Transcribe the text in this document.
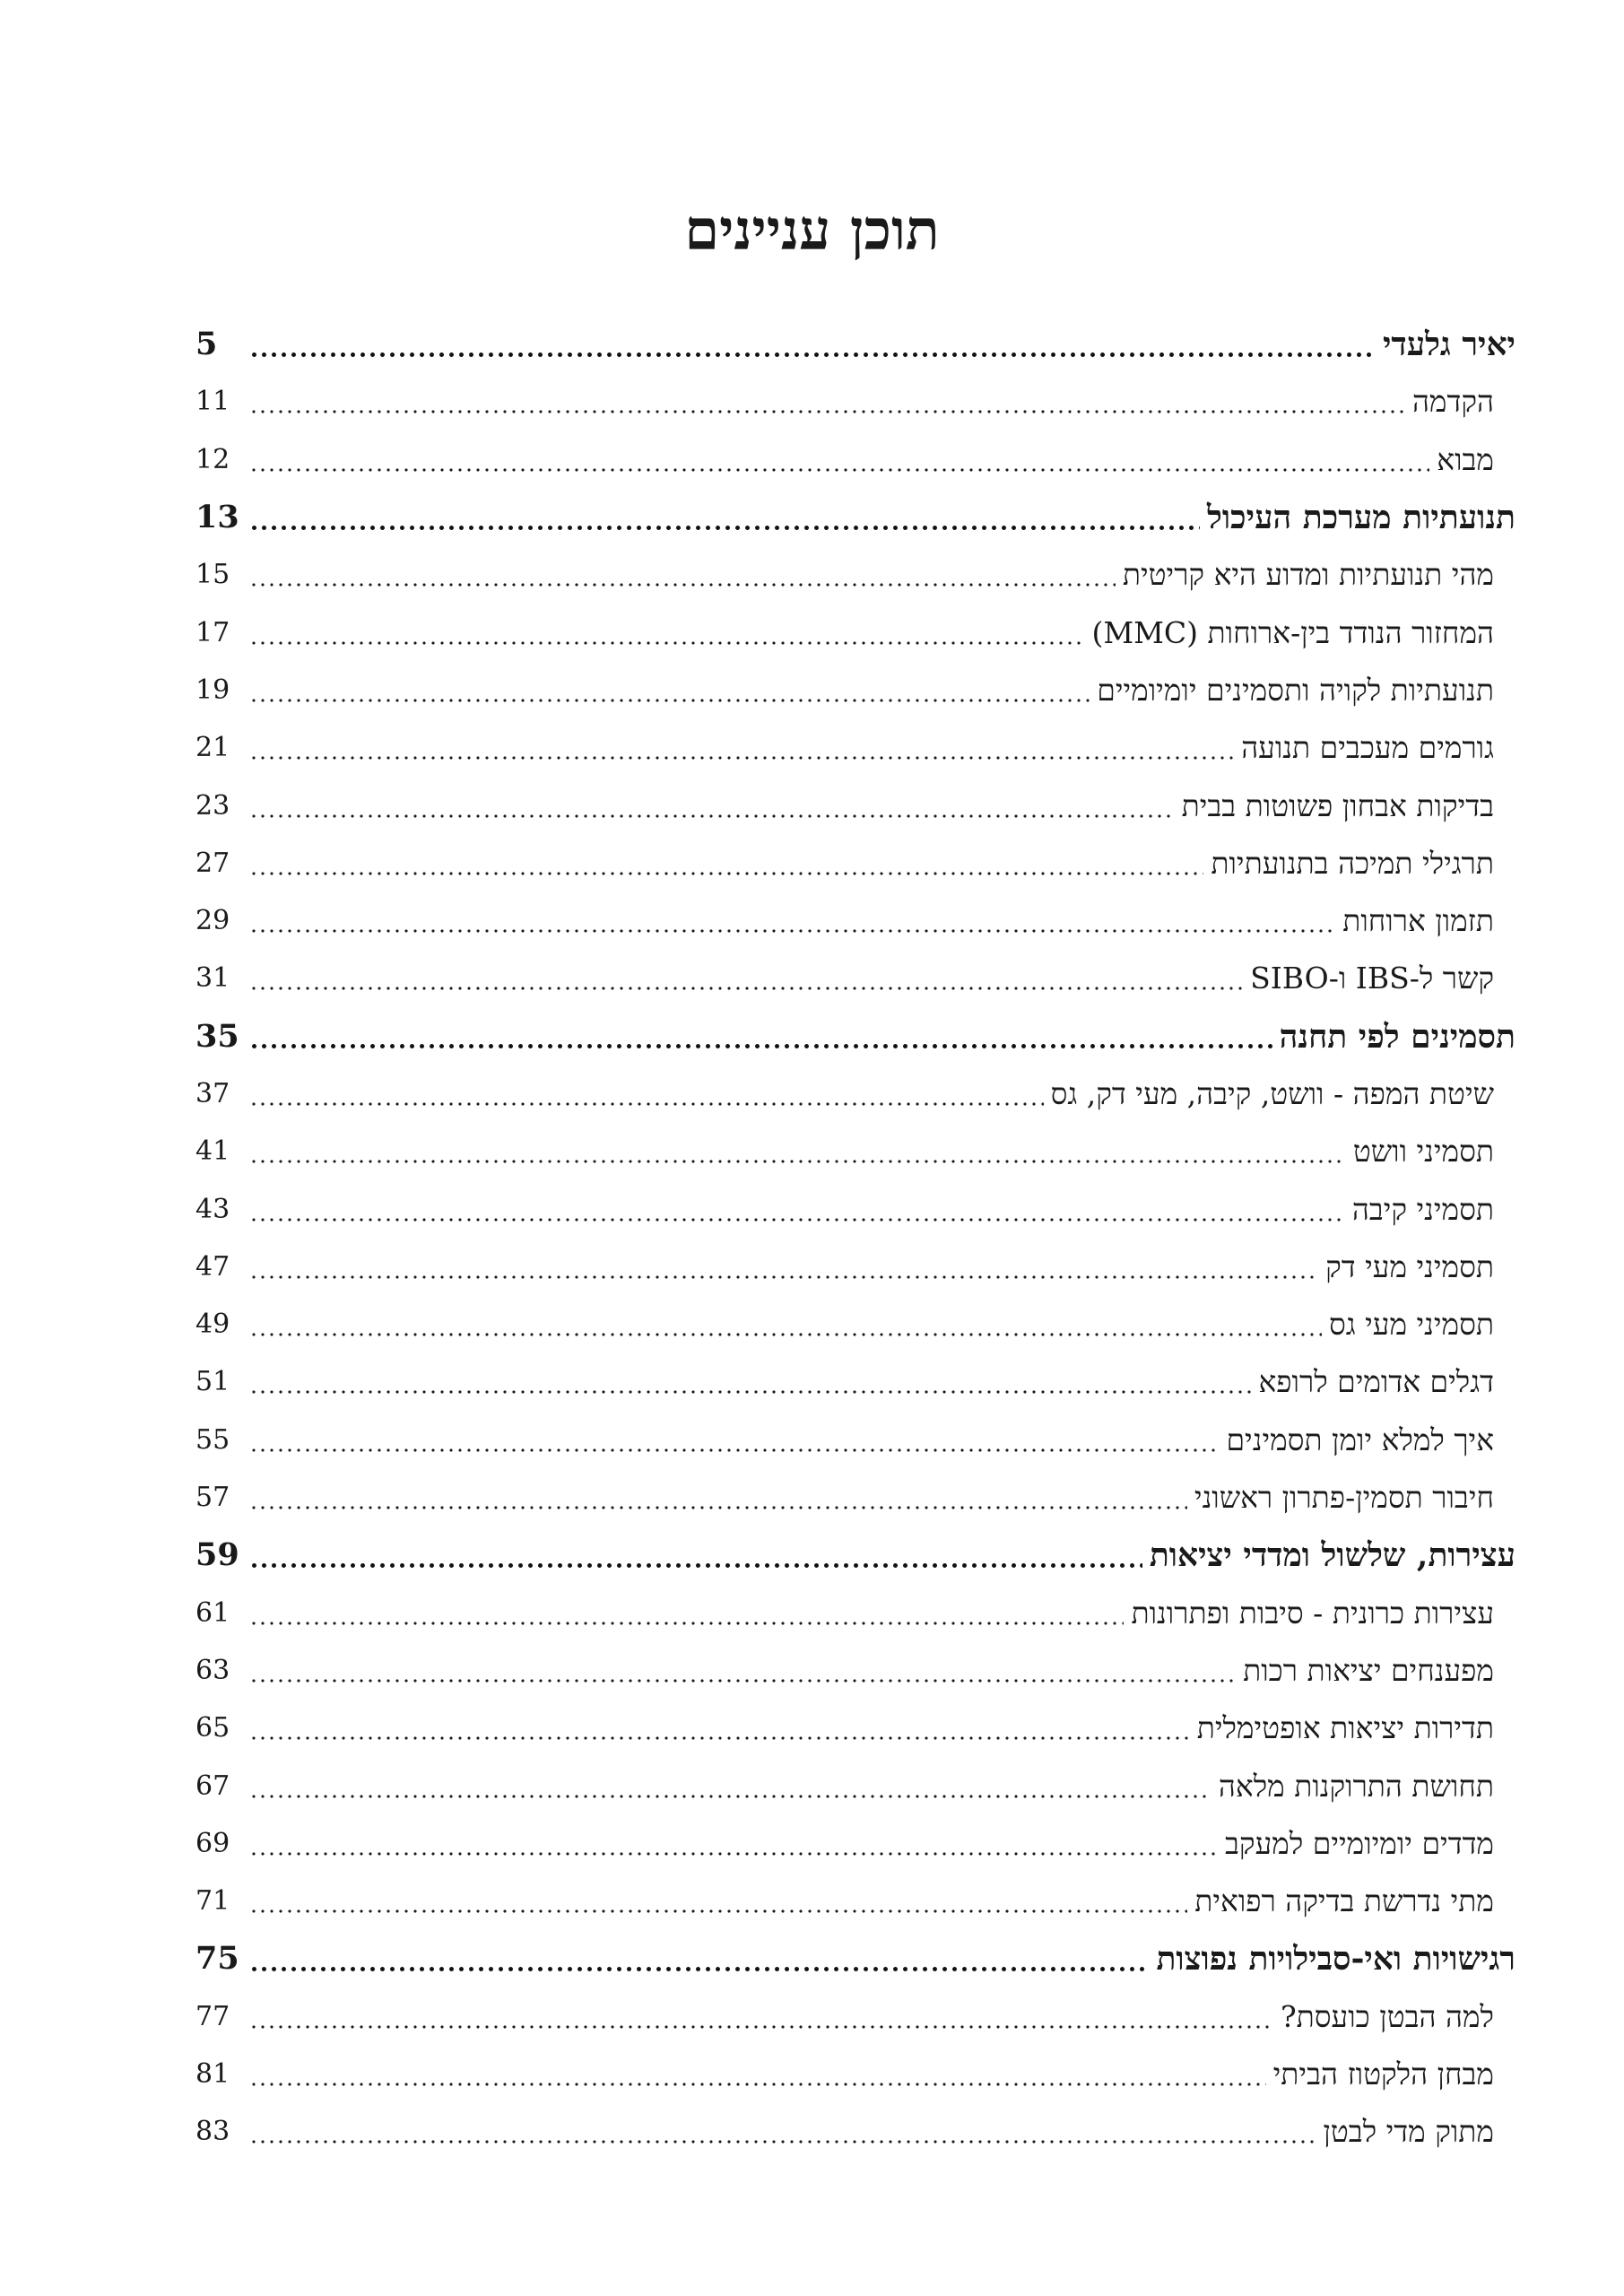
תוכן עניינים
יאיר גלעדי
5
הקדמה
11
מבוא
12
תנועתיות מערכת העיכול
13
מהי תנועתיות ומדוע היא קריטית
15
המחזור הנודד בין-ארוחות (MMC)
17
תנועתיות לקויה ותסמינים יומיומיים
19
גורמים מעכבים תנועה
21
בדיקות אבחון פשוטות בבית
23
תרגילי תמיכה בתנועתיות
27
תזמון ארוחות
29
קשר ל-IBS ו-SIBO
31
תסמינים לפי תחנה
35
שיטת המפה - וושט, קיבה, מעי דק, גס
37
תסמיני וושט
41
תסמיני קיבה
43
תסמיני מעי דק
47
תסמיני מעי גס
49
דגלים אדומים לרופא
51
איך למלא יומן תסמינים
55
חיבור תסמין-פתרון ראשוני
57
עצירות, שלשול ומדדי יציאות
59
עצירות כרונית - סיבות ופתרונות
61
מפענחים יציאות רכות
63
תדירות יציאות אופטימלית
65
תחושת התרוקנות מלאה
67
מדדים יומיומיים למעקב
69
מתי נדרשת בדיקה רפואית
71
רגישויות ואי-סבילויות נפוצות
75
למה הבטן כועסת?
77
מבחן הלקטוז הביתי
81
מתוק מדי לבטן
83
